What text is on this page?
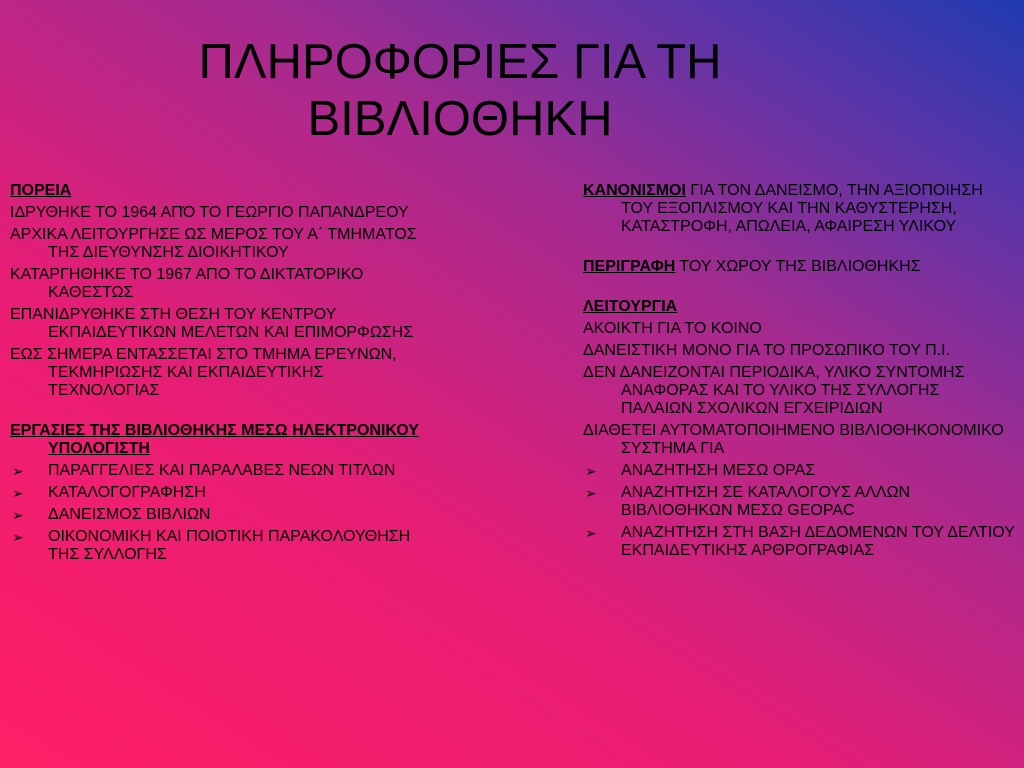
ΠΛΗΡΟΦΟΡΙΕΣ ΓΙΑ ΤΗ
ΒΙΒΛΙΟΘΗΚΗ

ΠΟΡΕΙΑ

ΙΔΡΥΘΗΚΕ ΤΟ 1964 ΑΠΌ ΤΟ ΓΕΩΡΓΙΟ ΠΑΠΑΝΔΡΕΟΥ

ΑΡΧΙΚΑ ΛΕΙΤΟΥΡΓΗΣΕ ΩΣ ΜΕΡΟΣ ΤΟΥ Α΄ ΤΜΗΜΑΤΟΣ ΤΗΣ ΔΙΕΥΘΥΝΣΗΣ ΔΙΟΙΚΗΤΙΚΟΥ

ΚΑΤΑΡΓΗΘΗΚΕ ΤΟ 1967 ΑΠΟ ΤΟ ΔΙΚΤΑΤΟΡΙΚΟ ΚΑΘΕΣΤΩΣ

ΕΠΑΝΙΔΡΥΘΗΚΕ ΣΤΗ ΘΕΣΗ ΤΟΥ ΚΕΝΤΡΟΥ ΕΚΠΑΙΔΕΥΤΙΚΩΝ ΜΕΛΕΤΩΝ ΚΑΙ ΕΠΙΜΟΡΦΩΣΗΣ

ΕΩΣ ΣΗΜΕΡΑ ΕΝΤΑΣΣΕΤΑΙ ΣΤΟ ΤΜΗΜΑ ΕΡΕΥΝΩΝ, ΤΕΚΜΗΡΙΩΣΗΣ ΚΑΙ ΕΚΠΑΙΔΕΥΤΙΚΗΣ ΤΕΧΝΟΛΟΓΙΑΣ

ΕΡΓΑΣΙΕΣ ΤΗΣ ΒΙΒΛΙΟΘΗΚΗΣ ΜΕΣΩ ΗΛΕΚΤΡΟΝΙΚΟΥ ΥΠΟΛΟΓΙΣΤΗ

➢ ΠΑΡΑΓΓΕΛΙΕΣ ΚΑΙ ΠΑΡΑΛΑΒΕΣ ΝΕΩΝ ΤΙΤΛΩΝ

➢ ΚΑΤΑΛΟΓΟΓΡΑΦΗΣΗ

➢ ΔΑΝΕΙΣΜΟΣ ΒΙΒΛΙΩΝ

➢ ΟΙΚΟΝΟΜΙΚΗ ΚΑΙ ΠΟΙΟΤΙΚΗ ΠΑΡΑΚΟΛΟΥΘΗΣΗ ΤΗΣ ΣΥΛΛΟΓΗΣ

ΚΑΝΟΝΙΣΜΟΙ ΓΙΑ ΤΟΝ ΔΑΝΕΙΣΜΟ, ΤΗΝ ΑΞΙΟΠΟΙΗΣΗ ΤΟΥ ΕΞΟΠΛΙΣΜΟΥ ΚΑΙ ΤΗΝ ΚΑΘΥΣΤΕΡΗΣΗ, ΚΑΤΑΣΤΡΟΦΗ, ΑΠΩΛΕΙΑ, ΑΦΑΙΡΕΣΗ ΥΛΙΚΟΥ

ΠΕΡΙΓΡΑΦΗ ΤΟΥ ΧΩΡΟΥ ΤΗΣ ΒΙΒΛΙΟΘΗΚΗΣ

ΛΕΙΤΟΥΡΓΙΑ

ΑΚΟΙΚΤΗ ΓΙΑ ΤΟ ΚΟΙΝΟ

ΔΑΝΕΙΣΤΙΚΗ ΜΟΝΟ ΓΙΑ ΤΟ ΠΡΟΣΩΠΙΚΟ ΤΟΥ Π.Ι.

ΔΕΝ ΔΑΝΕΙΖΟΝΤΑΙ ΠΕΡΙΟΔΙΚΑ, ΥΛΙΚΟ ΣΥΝΤΟΜΗΣ ΑΝΑΦΟΡΑΣ ΚΑΙ ΤΟ ΥΛΙΚΟ ΤΗΣ ΣΥΛΛΟΓΗΣ ΠΑΛΑΙΩΝ ΣΧΟΛΙΚΩΝ ΕΓΧΕΙΡΙΔΙΩΝ

ΔΙΑΘΕΤΕΙ ΑΥΤΟΜΑΤΟΠΟΙΗΜΕΝΟ ΒΙΒΛΙΟΘΗΚΟΝΟΜΙΚΟ ΣΥΣΤΗΜΑ ΓΙΑ

➢ ΑΝΑΖΗΤΗΣΗ ΜΕΣΩ ΟΡΑΣ

➢ ΑΝΑΖΗΤΗΣΗ ΣΕ ΚΑΤΑΛΟΓΟΥΣ ΑΛΛΩΝ ΒΙΒΛΙΟΘΗΚΩΝ ΜΕΣΩ GEOPAC

➢ ΑΝΑΖΗΤΗΣΗ ΣΤΗ ΒΑΣΗ ΔΕΔΟΜΕΝΩΝ ΤΟΥ ΔΕΛΤΙΟΥ ΕΚΠΑΙΔΕΥΤΙΚΗΣ ΑΡΘΡΟΓΡΑΦΙΑΣ
